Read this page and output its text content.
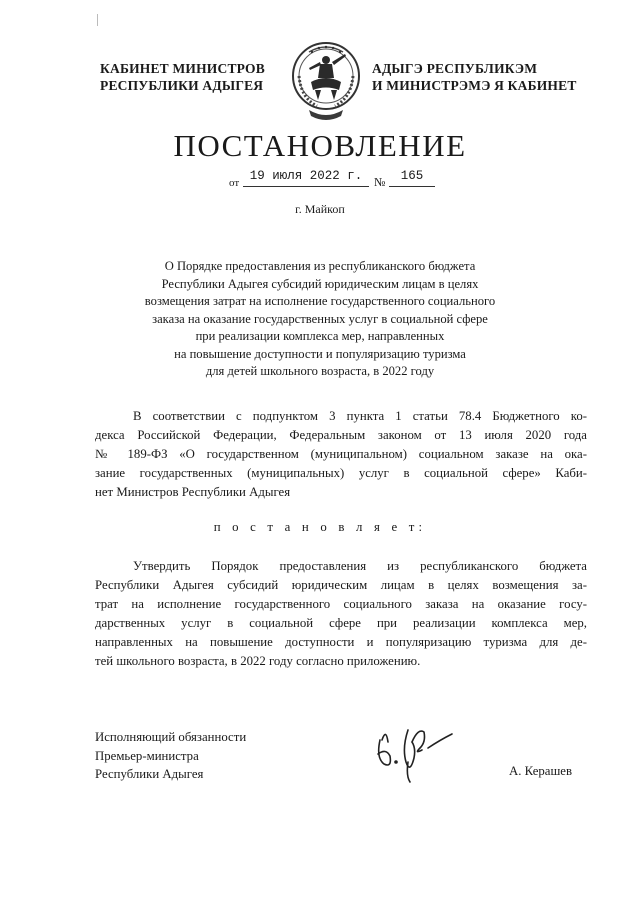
КАБИНЕТ МИНИСТРОВ
РЕСПУБЛИКИ АДЫГЕЯ
АДЫГЭ РЕСПУБЛИКЭМ
И МИНИСТРЭМЭ Я КАБИНЕТ
ПОСТАНОВЛЕНИЕ
от 19 июля 2022 г. №	165
г. Майкоп
О Порядке предоставления из республиканского бюджета
Республики Адыгея субсидий юридическим лицам в целях
возмещения затрат на исполнение государственного социального
заказа на оказание государственных услуг в социальной сфере
при реализации комплекса мер, направленных
на повышение доступности и популяризацию туризма
для детей школьного возраста, в 2022 году
В соответствии с подпунктом 3 пункта 1 статьи 78.4 Бюджетного ко-
декса Российской Федерации, Федеральным законом от 13 июля 2020 года
№ 189-ФЗ «О государственном (муниципальном) социальном заказе на ока-
зание государственных (муниципальных) услуг в социальной сфере» Каби-
нет Министров Республики Адыгея
п о с т а н о в л я е т:
Утвердить Порядок предоставления из республиканского бюджета
Республики Адыгея субсидий юридическим лицам в целях возмещения за-
трат на исполнение государственного социального заказа на оказание госу-
дарственных услуг в социальной сфере при реализации комплекса мер,
направленных на повышение доступности и популяризацию туризма для де-
тей школьного возраста, в 2022 году согласно приложению.
Исполняющий обязанности
Премьер-министра
Республики Адыгея	А. Керашев
